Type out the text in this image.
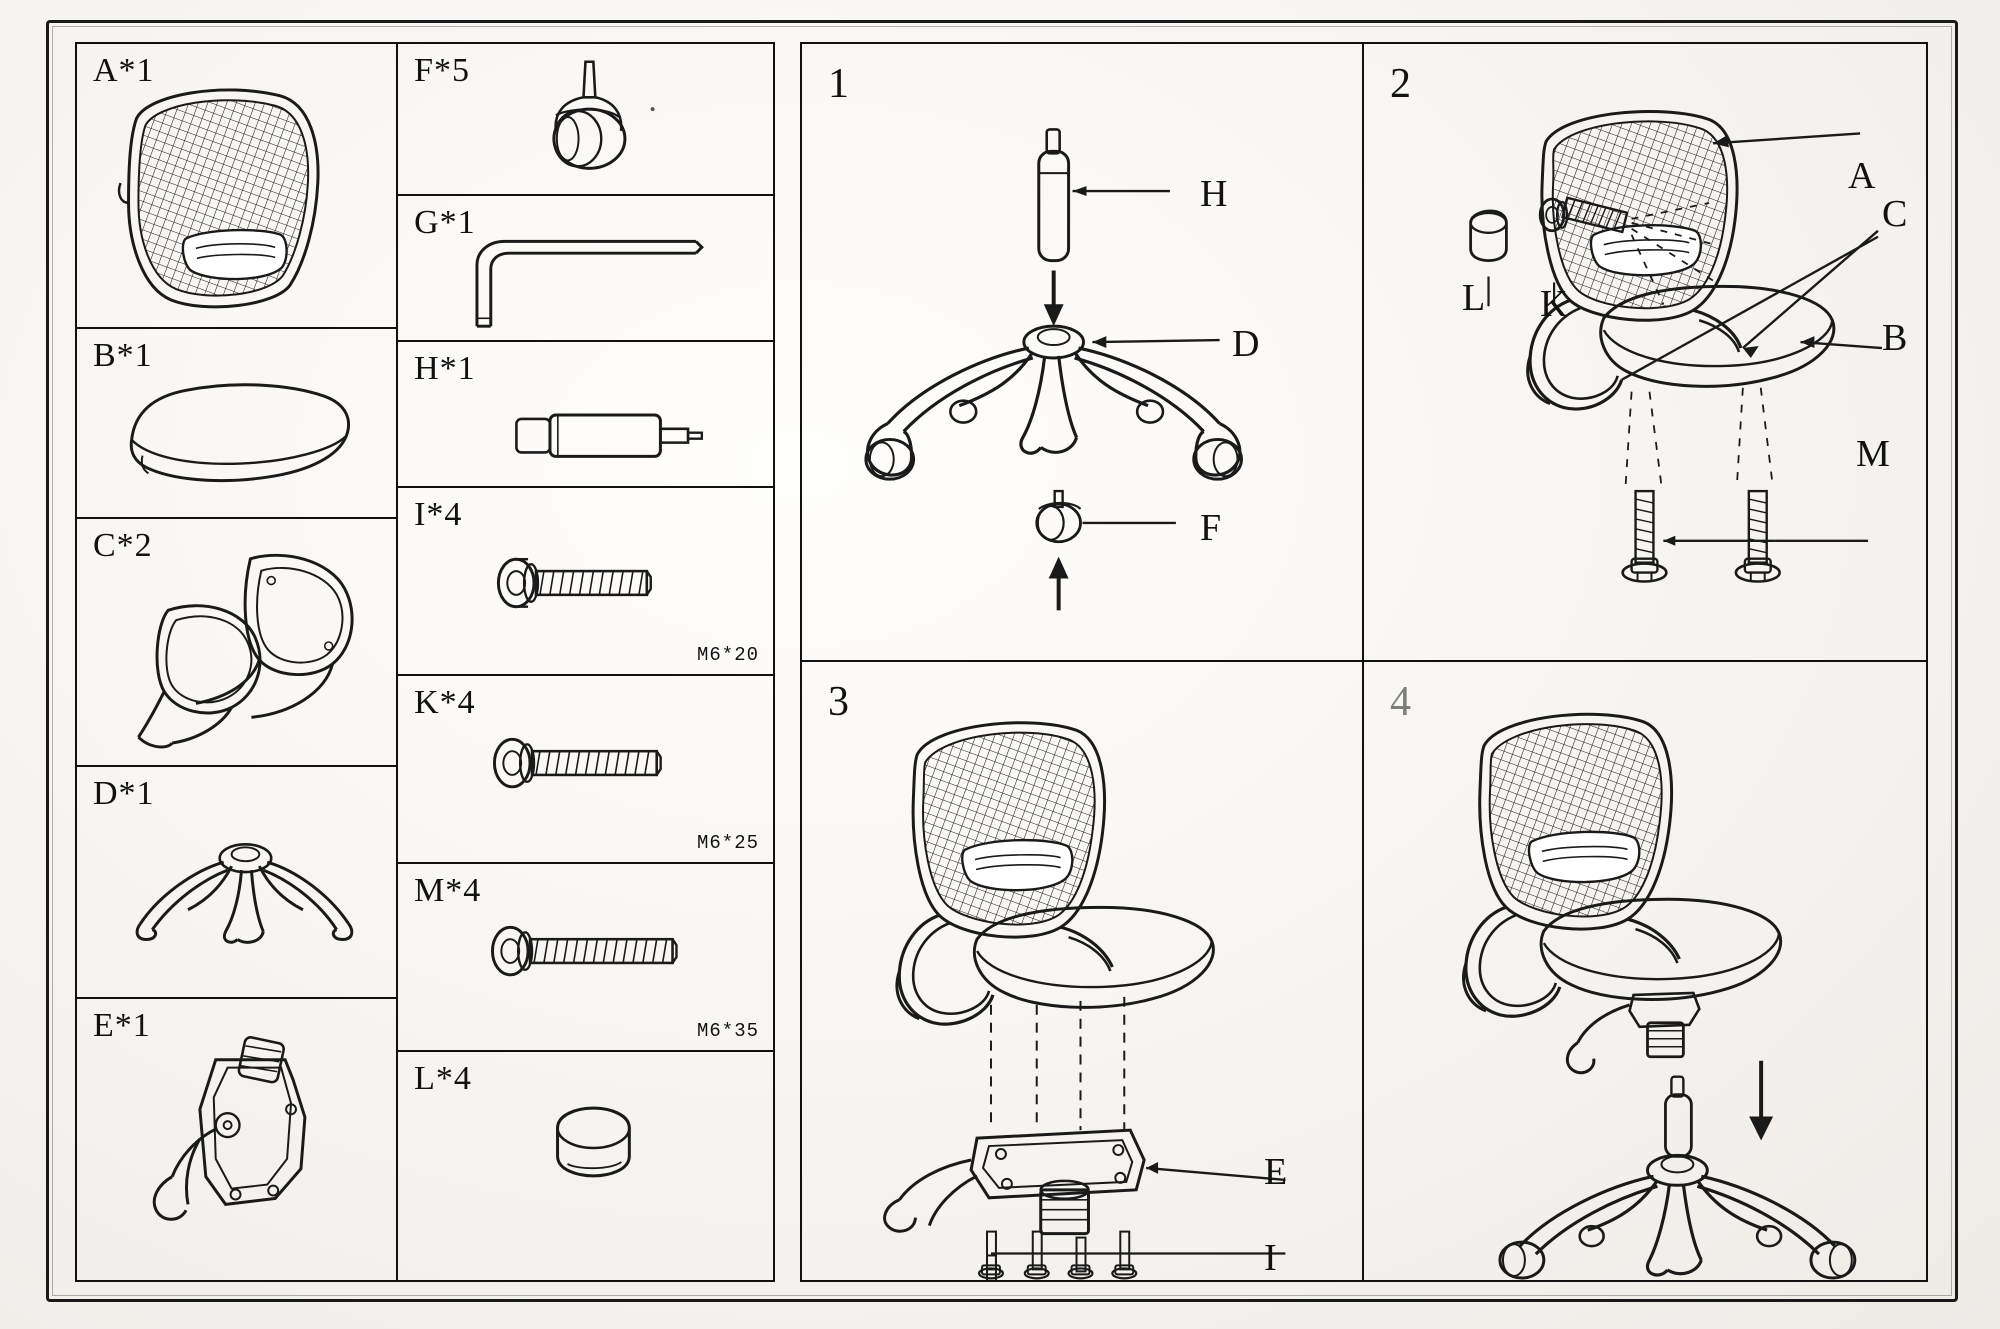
A*1
B*1
C*2
D*1
E*1
F*5
G*1
H*1
I*4
M6*20
K*4
M6*25
M*4
M6*35
L*4
1
H
D
F
2
A
C
B
L K
M
3
E
I
4
